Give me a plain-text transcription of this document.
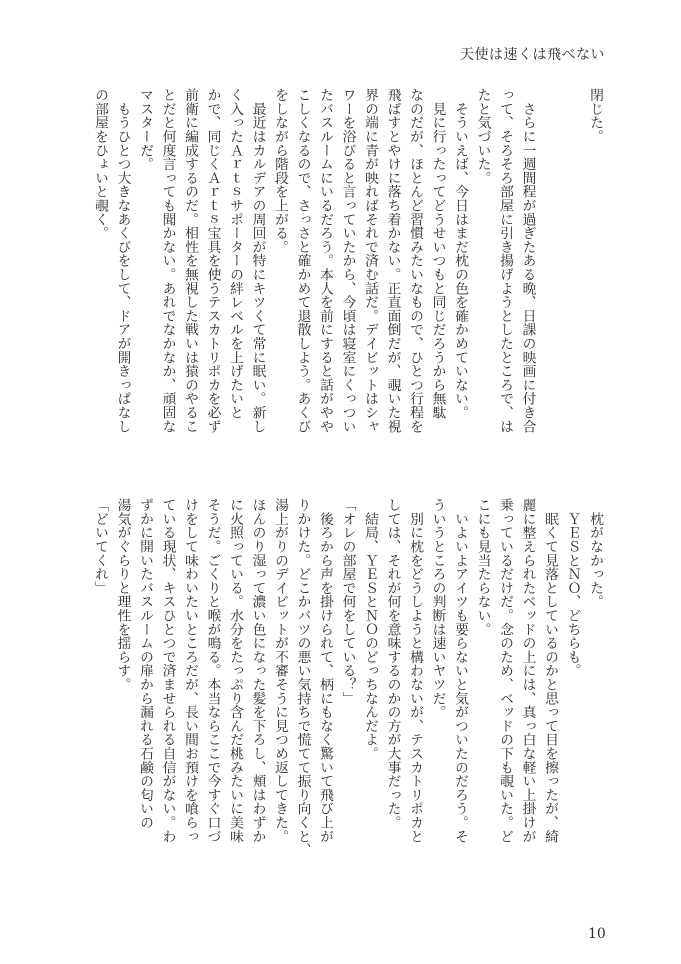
天使は速くは飛べない
閉じた。
　さらに一週間程が過ぎたある晩、日課の映画に付き合
って、そろそろ部屋に引き揚げようとしたところで、は
たと気づいた。
　そういえば、今日はまだ枕の色を確かめていない。
　見に行ったってどうせいつもと同じだろうから無駄
なのだが、ほとんど習慣みたいなもので、ひとつ行程を
飛ばすとやけに落ち着かない。正直面倒だが、覗いた視
界の端に青が映ればそれで済む話だ。デイビットはシャ
ワーを浴びると言っていたから、今頃は寝室にくっつい
たバスルームにいるだろう。本人を前にすると話がやや
こしくなるので、さっさと確かめて退散しよう。あくび
をしながら階段を上がる。
　最近はカルデアの周回が特にキツくて常に眠い。新し
く入ったＡｒｔｓサポーターの絆レベルを上げたいと
かで、同じくＡｒｔｓ宝具を使うテスカトリポカを必ず
前衛に編成するのだ。相性を無視した戦いは猿のやるこ
とだと何度言っても聞かない。あれでなかなか、頑固な
マスターだ。
　もうひとつ大きなあくびをして、ドアが開きっぱなし
の部屋をひょいと覗く。
　枕がなかった。
　ＹＥＳとＮＯ、どちらも。
　眠くて見落としているのかと思って目を擦ったが、綺
麗に整えられたベッドの上には、真っ白な軽い上掛けが
乗っているだけだ。念のため、ベッドの下も覗いた。ど
こにも見当たらない。
　いよいよアイツも要らないと気がついたのだろう。そ
ういうところの判断は速いヤツだ。
　別に枕をどうしようと構わないが、テスカトリポカと
しては、それが何を意味するのかの方が大事だった。
　結局、ＹＥＳとＮＯのどっちなんだよ。
「オレの部屋で何をしている？」
　後ろから声を掛けられて、柄にもなく驚いて飛び上が
りかけた。どこかバツの悪い気持ちで慌てて振り向くと、
湯上がりのデイビットが不審そうに見つめ返してきた。
ほんのり湿って濃い色になった髪を下ろし、頬はわずか
に火照っている。水分をたっぷり含んだ桃みたいに美味
そうだ。ごくりと喉が鳴る。本当ならここで今すぐ口づ
けをして味わいたいところだが、長い間お預けを喰らっ
ている現状、キスひとつで済ませられる自信がない。わ
ずかに開いたバスルームの扉から漏れる石鹸の匂いの
湯気がぐらりと理性を揺らす。
「どいてくれ」
10
